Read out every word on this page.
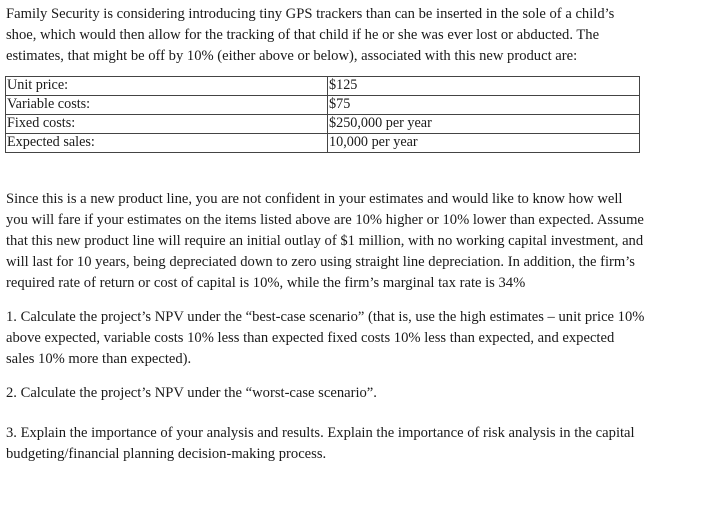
Family Security is considering introducing tiny GPS trackers than can be inserted in the sole of a child’s shoe, which would then allow for the tracking of that child if he or she was ever lost or abducted. The estimates, that might be off by 10% (either above or below), associated with this new product are:

Unit price:	$125
Variable costs:	$75
Fixed costs:	$250,000 per year
Expected sales:	10,000 per year

Since this is a new product line, you are not confident in your estimates and would like to know how well you will fare if your estimates on the items listed above are 10% higher or 10% lower than expected. Assume that this new product line will require an initial outlay of $1 million, with no working capital investment, and will last for 10 years, being depreciated down to zero using straight line depreciation. In addition, the firm’s required rate of return or cost of capital is 10%, while the firm’s marginal tax rate is 34%

1. Calculate the project’s NPV under the “best-case scenario” (that is, use the high estimates – unit price 10% above expected, variable costs 10% less than expected fixed costs 10% less than expected, and expected sales 10% more than expected).

2. Calculate the project’s NPV under the “worst-case scenario”.

3. Explain the importance of your analysis and results. Explain the importance of risk analysis in the capital budgeting/financial planning decision-making process.
